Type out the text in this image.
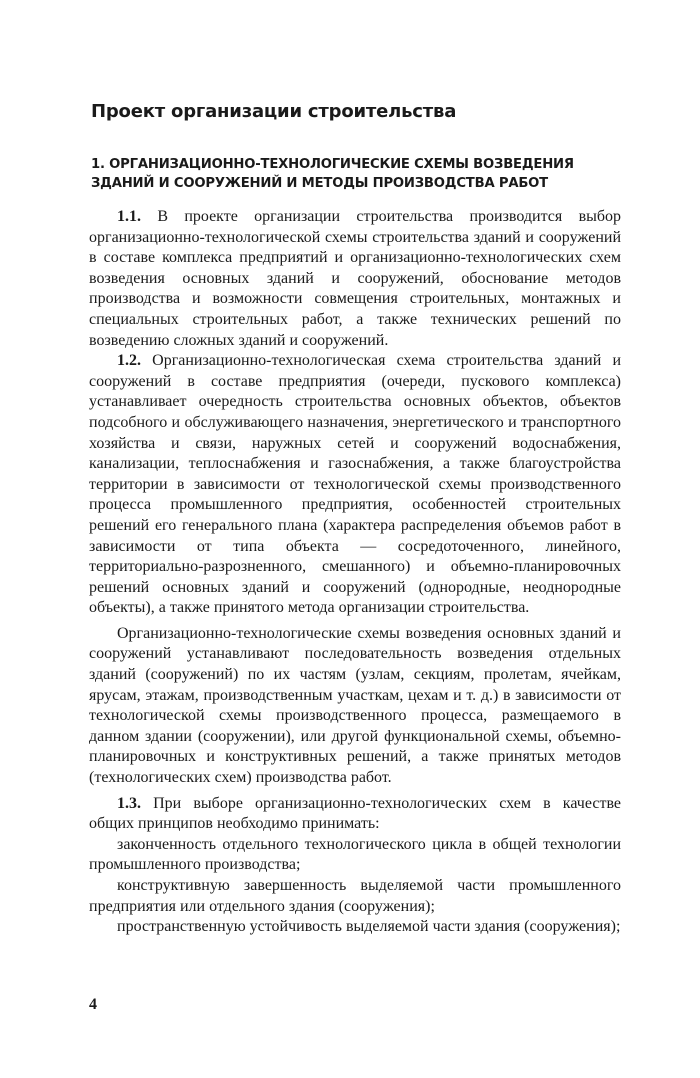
Проект организации строительства
1. ОРГАНИЗАЦИОННО-ТЕХНОЛОГИЧЕСКИЕ СХЕМЫ ВОЗВЕДЕНИЯ
ЗДАНИЙ И СООРУЖЕНИЙ И МЕТОДЫ ПРОИЗВОДСТВА РАБОТ

1.1. В проекте организации строительства производится выбор организационно-технологической схемы строительства зданий и сооружений в составе комплекса предприятий и организационно-технологических схем возведения основных зданий и сооружений, обоснование методов производства и возможности совмещения строительных, монтажных и специальных строительных работ, а также технических решений по возведению сложных зданий и сооружений.

1.2. Организационно-технологическая схема строительства зданий и сооружений в составе предприятия (очереди, пускового комплекса) устанавливает очередность строительства основных объектов, объектов подсобного и обслуживающего назначения, энергетического и транспортного хозяйства и связи, наружных сетей и сооружений водоснабжения, канализации, теплоснабжения и газоснабжения, а также благоустройства территории в зависимости от технологической схемы производственного процесса промышленного предприятия, особенностей строительных решений его генерального плана (характера распределения объемов работ в зависимости от типа объекта — сосредоточенного, линейного, территориально-разрозненного, смешанного) и объемно-планировочных решений основных зданий и сооружений (однородные, неоднородные объекты), а также принятого метода организации строительства.

Организационно-технологические схемы возведения основных зданий и сооружений устанавливают последовательность возведения отдельных зданий (сооружений) по их частям (узлам, секциям, пролетам, ячейкам, ярусам, этажам, производственным участкам, цехам и т. д.) в зависимости от технологической схемы производственного процесса, размещаемого в данном здании (сооружении), или другой функциональной схемы, объемно-планировочных и конструктивных решений, а также принятых методов (технологических схем) производства работ.

1.3. При выборе организационно-технологических схем в качестве общих принципов необходимо принимать:

законченность отдельного технологического цикла в общей технологии промышленного производства;

конструктивную завершенность выделяемой части промышленного предприятия или отдельного здания (сооружения);

пространственную устойчивость выделяемой части здания (сооружения);

4
